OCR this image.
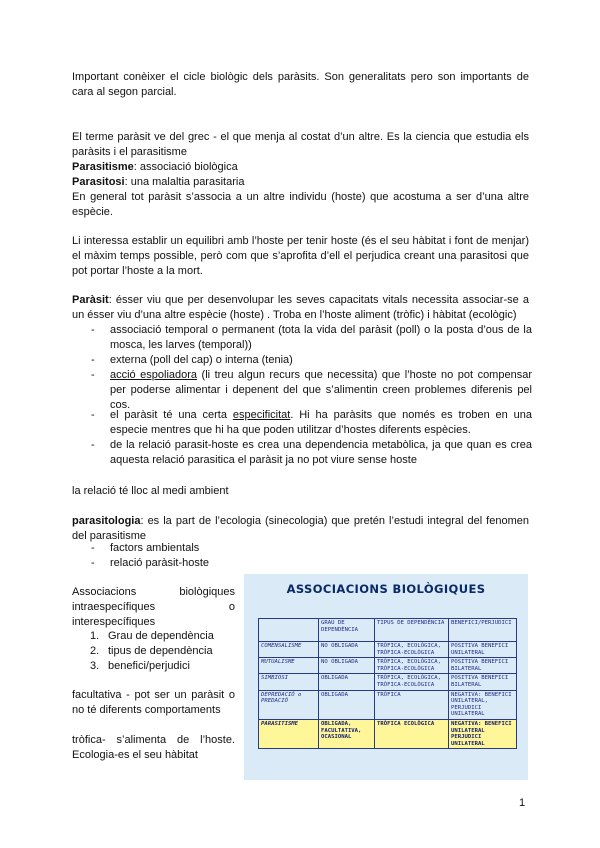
Important conèixer el cicle biològic dels paràsits. Son generalitats pero son importants de cara al segon parcial.

El terme paràsit ve del grec - el que menja al costat d’un altre. Es la ciencia que estudia els paràsits i el parasitisme

Parasitisme: associació biològica

Parasitosi: una malaltia parasitaria

En general tot paràsit s’associa a un altre individu (hoste) que acostuma a ser d’una altre espècie.

Li interessa establir un equilibri amb l’hoste per tenir hoste (és el seu hàbitat i font de menjar) el màxim temps possible, però com que s’aprofita d’ell el perjudica creant una parasitosi que pot portar l’hoste a la mort.

Paràsit: ésser viu que per desenvolupar les seves capacitats vitals necessita associar-se a un ésser viu d’una altre espècie (hoste) . Troba en l’hoste aliment (tròfic) i hàbitat (ecològic)

- associació temporal o permanent (tota la vida del paràsit (poll) o la posta d’ous de la mosca, les larves (temporal))
- externa (poll del cap) o interna (tenia)
- acció espoliadora (li treu algun recurs que necessita) que l’hoste no pot compensar per poderse alimentar i depenent del que s’alimentin creen problemes diferenis pel cos.
- el paràsit té una certa especificitat. Hi ha paràsits que només es troben en una especie mentres que hi ha que poden utilitzar d’hostes diferents espècies.
- de la relació parasit-hoste es crea una dependencia metabòlica, ja que quan es crea aquesta relació parasitica el paràsit ja no pot viure sense hoste

la relació té lloc al medi ambient

parasitologia: es la part de l’ecologia (sinecologia) que pretén l’estudi integral del fenomen del parasitisme

- factors ambientals
- relació paràsit-hoste
Associacions biològiques intraespecífiques o interespecífiques
1. Grau de dependència
2. tipus de dependència
3. benefici/perjudici
facultativa - pot ser un paràsit o no té diferents comportaments
tròfica- s’alimenta de l’hoste. Ecologia-es el seu hàbitat
ASSOCIACIONS BIOLÒGIQUES
	GRAU DE DEPENDÈNCIA	TIPUS DE DEPENDÈNCIA	BENEFICI/PERJUDICI
COMENSALISME	NO OBLIGADA	TRÒFICA, ECOLÒGICA, TRÒFICA-ECOLÒGICA	POSITIVA BENEFICI UNILATERAL
MUTUALISME	NO OBLIGADA	TRÒFICA, ECOLÒGICA, TRÒFICA-ECOLÒGICA	POSITIVA BENEFICI BILATERAL
SIMBIOSI	OBLIGADA	TRÒFICA, ECOLÒGICA, TRÒFICA-ECOLÒGICA	POSITIVA BENEFICI BILATERAL
DEPREDACIÓ o PREDACIÓ	OBLIGADA	TRÒFICA	NEGATIVA: BENEFICI UNILATERAL, PERJUDICI UNILATERAL
PARASITISME	OBLIGADA, FACULTATIVA, OCASIONAL	TRÒFICA ECOLÒGICA	NEGATIVA: BENEFICI UNILATERAL PERJUDICI UNILATERAL
1
